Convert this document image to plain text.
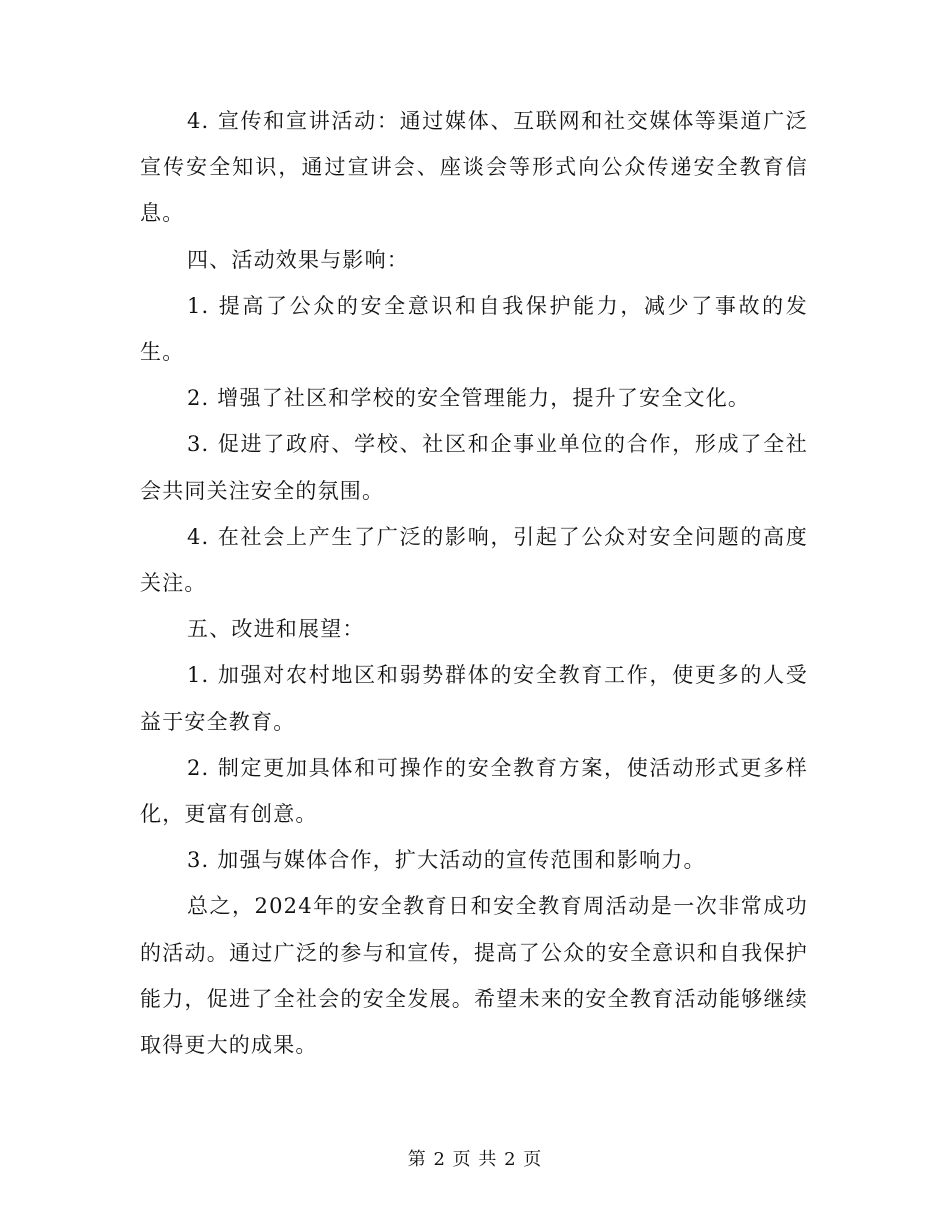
4. 宣传和宣讲活动：通过媒体、互联网和社交媒体等渠道广泛宣传安全知识，通过宣讲会、座谈会等形式向公众传递安全教育信息。

四、活动效果与影响：

1. 提高了公众的安全意识和自我保护能力，减少了事故的发生。

2. 增强了社区和学校的安全管理能力，提升了安全文化。

3. 促进了政府、学校、社区和企事业单位的合作，形成了全社会共同关注安全的氛围。

4. 在社会上产生了广泛的影响，引起了公众对安全问题的高度关注。

五、改进和展望：

1. 加强对农村地区和弱势群体的安全教育工作，使更多的人受益于安全教育。

2. 制定更加具体和可操作的安全教育方案，使活动形式更多样化，更富有创意。

3. 加强与媒体合作，扩大活动的宣传范围和影响力。

总之，2024年的安全教育日和安全教育周活动是一次非常成功的活动。通过广泛的参与和宣传，提高了公众的安全意识和自我保护能力，促进了全社会的安全发展。希望未来的安全教育活动能够继续取得更大的成果。

第 2 页 共 2 页
